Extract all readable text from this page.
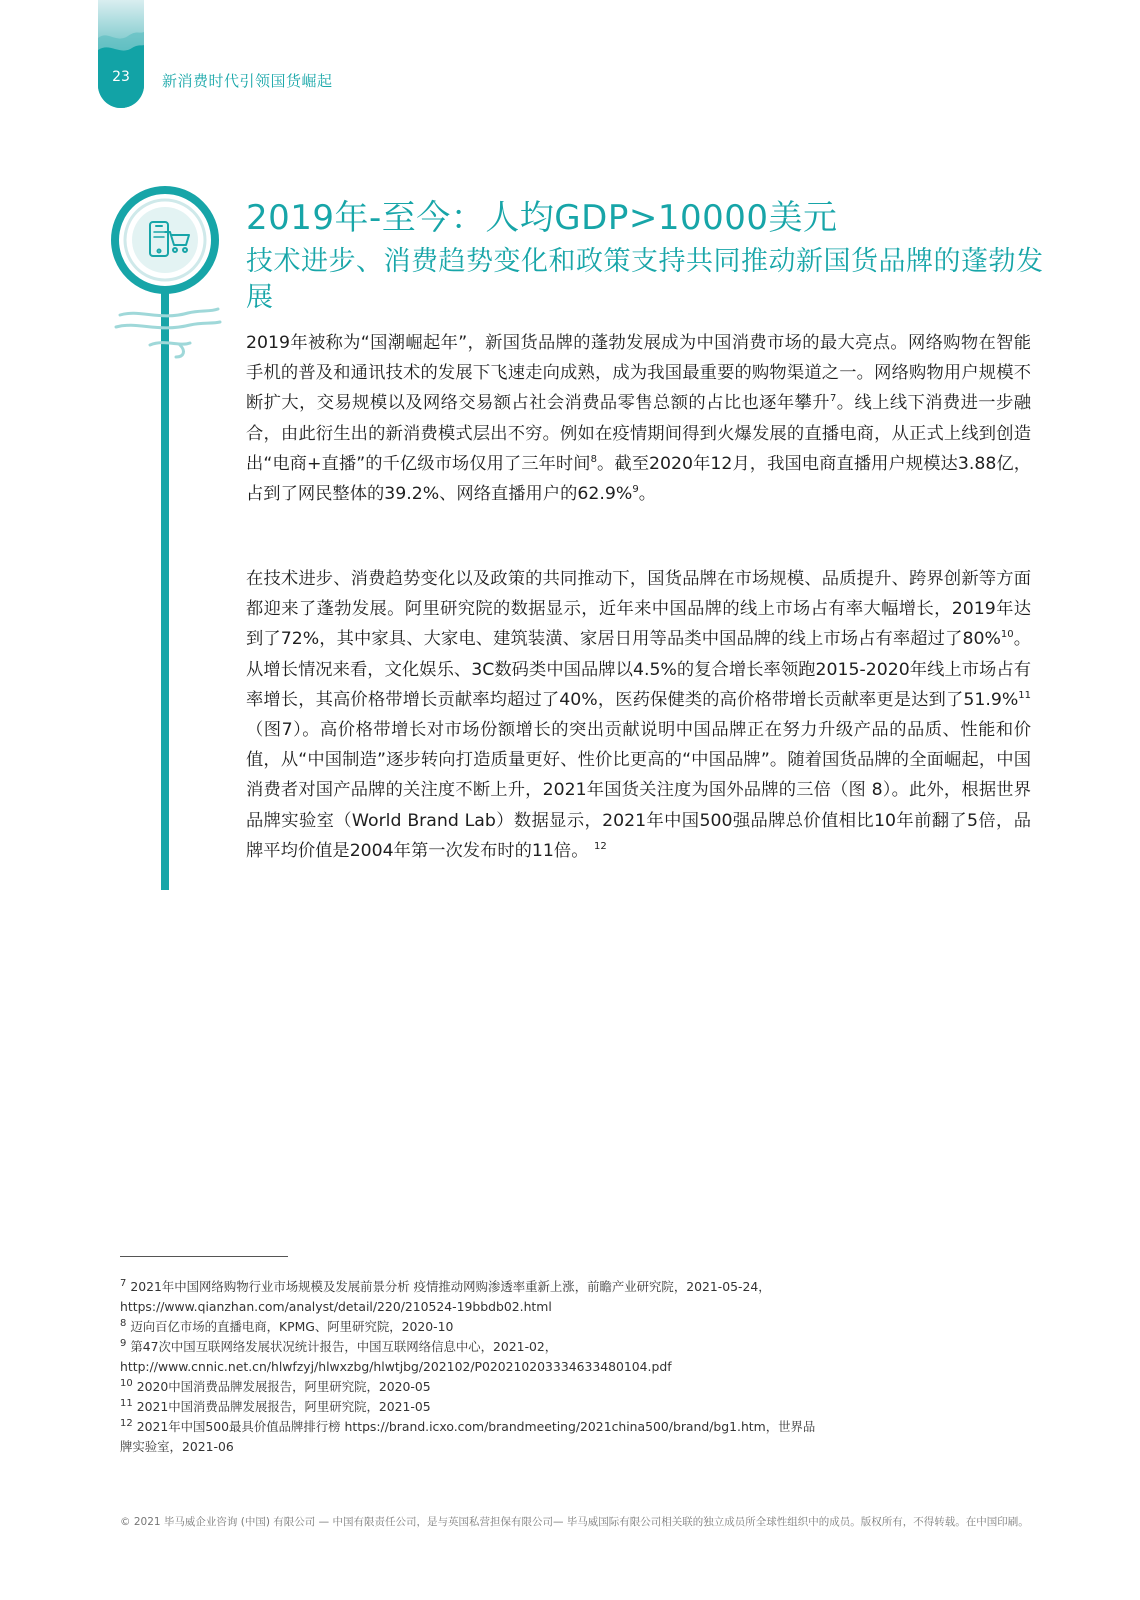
23	新消费时代引领国货崛起
2019年-至今：人均GDP>10000美元
技术进步、消费趋势变化和政策支持共同推动新国货品牌的蓬勃发展

2019年被称为“国潮崛起年”，新国货品牌的蓬勃发展成为中国消费市场的最大亮点。网络购物在智能手机的普及和通讯技术的发展下飞速走向成熟，成为我国最重要的购物渠道之一。网络购物用户规模不断扩大，交易规模以及网络交易额占社会消费品零售总额的占比也逐年攀升$^7$。线上线下消费进一步融合，由此衍生出的新消费模式层出不穷。例如在疫情期间得到火爆发展的直播电商，从正式上线到创造出“电商+直播”的千亿级市场仅用了三年时间$^8$。截至2020年12月，我国电商直播用户规模达3.88亿，占到了网民整体的39.2%、网络直播用户的62.9%$^9$。

在技术进步、消费趋势变化以及政策的共同推动下，国货品牌在市场规模、品质提升、跨界创新等方面都迎来了蓬勃发展。阿里研究院的数据显示，近年来中国品牌的线上市场占有率大幅增长，2019年达到了72%，其中家具、大家电、建筑装潢、家居日用等品类中国品牌的线上市场占有率超过了80%$^{10}$。从增长情况来看，文化娱乐、3C数码类中国品牌以4.5%的复合增长率领跑2015-2020年线上市场占有率增长，其高价格带增长贡献率均超过了40%，医药保健类的高价格带增长贡献率更是达到了51.9%$^{11}$（图7）。高价格带增长对市场份额增长的突出贡献说明中国品牌正在努力升级产品的品质、性能和价值，从“中国制造”逐步转向打造质量更好、性价比更高的“中国品牌”。随着国货品牌的全面崛起，中国消费者对国产品牌的关注度不断上升，2021年国货关注度为国外品牌的三倍（图 8）。此外，根据世界品牌实验室（World Brand Lab）数据显示，2021年中国500强品牌总价值相比10年前翻了5倍，品牌平均价值是2004年第一次发布时的11倍。 $^{12}$

$^7$ 2021年中国网络购物行业市场规模及发展前景分析 疫情推动网购渗透率重新上涨，前瞻产业研究院，2021-05-24，https://www.qianzhan.com/analyst/detail/220/210524-19bbdb02.html

$^8$ 迈向百亿市场的直播电商，KPMG、阿里研究院，2020-10

$^9$ 第47次中国互联网络发展状况统计报告，中国互联网络信息中心，2021-02，http://www.cnnic.net.cn/hlwfzyj/hlwxzbg/hlwtjbg/202102/P020210203334633480104.pdf

$^{10}$ 2020中国消费品牌发展报告，阿里研究院，2020-05

$^{11}$ 2021中国消费品牌发展报告，阿里研究院，2021-05

$^{12}$ 2021年中国500最具价值品牌排行榜 https://brand.icxo.com/brandmeeting/2021china500/brand/bg1.htm，世界品牌实验室，2021-06

© 2021 毕马威企业咨询 (中国) 有限公司 — 中国有限责任公司，是与英国私营担保有限公司— 毕马威国际有限公司相关联的独立成员所全球性组织中的成员。版权所有，不得转载。在中国印刷。
